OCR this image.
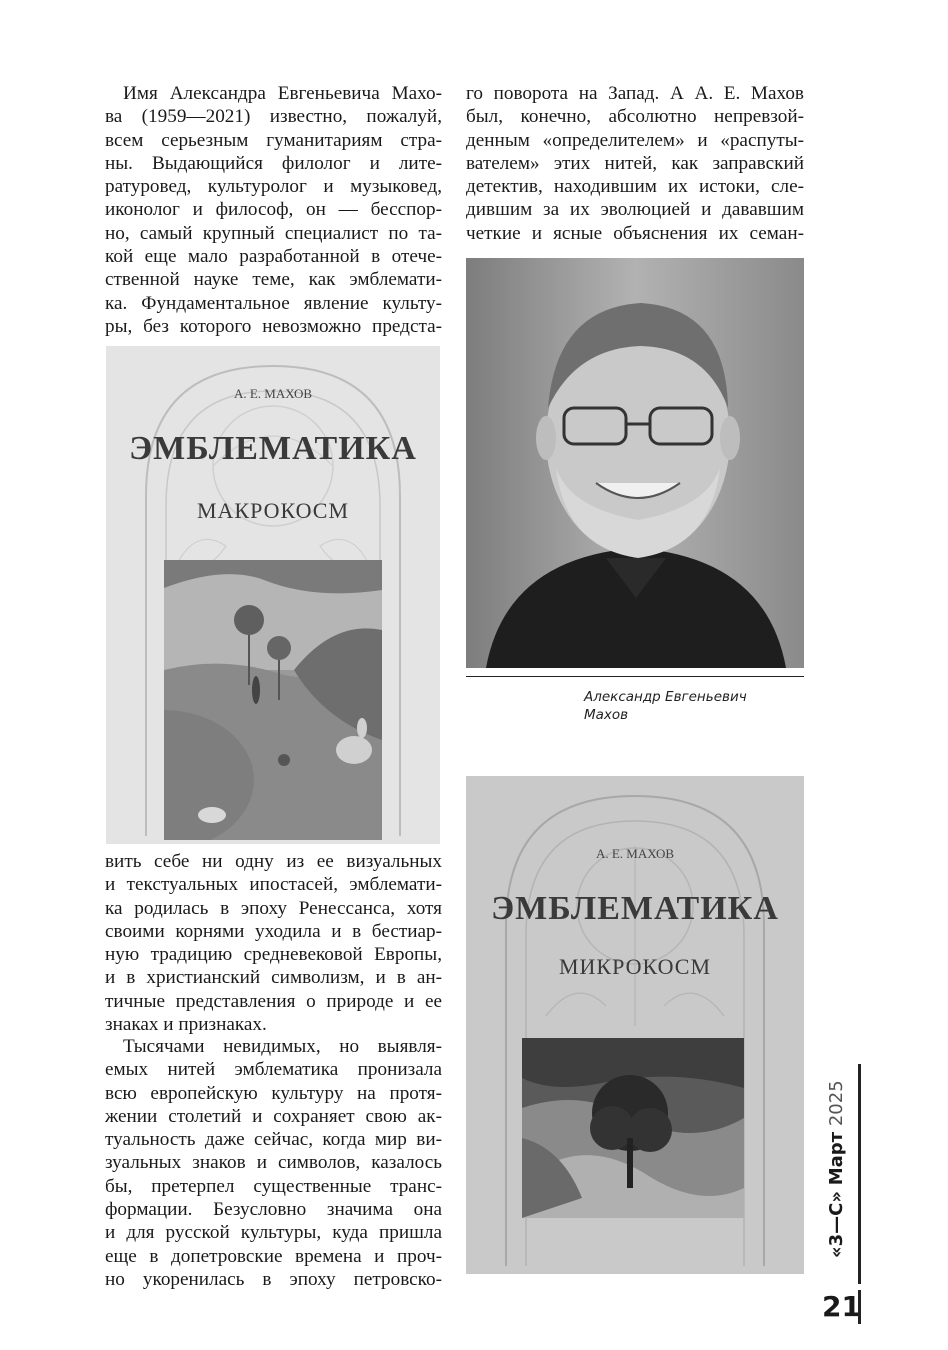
Имя Александра Евгеньевича Махо-
ва (1959—2021) известно, пожалуй,
всем серьезным гуманитариям стра-
ны. Выдающийся филолог и лите-
ратуровед, культуролог и музыковед,
иконолог и философ, он — бесспор-
но, самый крупный специалист по та-
кой еще мало разработанной в отече-
ственной науке теме, как эмблемати-
ка. Фундаментальное явление культу-
ры, без которого невозможно предста-
го поворота на Запад. А А. Е. Махов
был, конечно, абсолютно непревзой-
денным «определителем» и «распуты-
вателем» этих нитей, как заправский
детектив, находившим их истоки, сле-
дившим за их эволюцией и дававшим
четкие и ясные объяснения их семан-
вить себе ни одну из ее визуальных
и текстуальных ипостасей, эмблемати-
ка родилась в эпоху Ренессанса, хотя
своими корнями уходила и в бестиар-
ную традицию средневековой Европы,
и в христианский символизм, и в ан-
тичные представления о природе и ее
знаках и признаках.
Тысячами невидимых, но выявля-
емых нитей эмблематика пронизала
всю европейскую культуру на протя-
жении столетий и сохраняет свою ак-
туальность даже сейчас, когда мир ви-
зуальных знаков и символов, казалось
бы, претерпел существенные транс-
формации. Безусловно значима она
и для русской культуры, куда пришла
еще в допетровские времена и проч-
но укоренилась в эпоху петровско-
А. Е. МАХОВ
ЭМБЛЕМАТИКА
МАКРОКОСМ
Александр Евгеньевич
Махов
А. Е. МАХОВ
ЭМБЛЕМАТИКА
МИКРОКОСМ
«3—С» Март 2025
21
